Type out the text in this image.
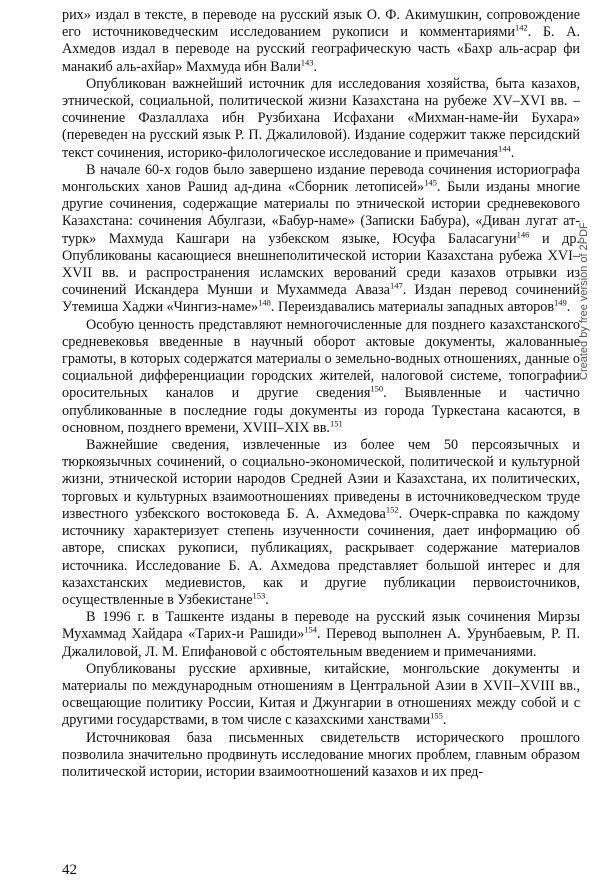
рих» издал в тексте, в переводе на русский язык О. Ф. Акимушкин, сопровождение его источниковедческим исследованием рукописи и комментариями$^{142}$. Б. А. Ахмедов издал в переводе на русский географическую часть «Бахр аль-асрар фи манакиб аль-ахйар» Махмуда ибн Вали$^{143}$.

Опубликован важнейший источник для исследования хозяйства, быта казахов, этнической, социальной, политической жизни Казахстана на рубеже XV–XVI вв. – сочинение Фазлаллаха ибн Рузбихана Исфахани «Михман-наме-йи Бухара» (переведен на русский язык Р. П. Джалиловой). Издание содержит также персидский текст сочинения, историко-филологическое исследование и примечания$^{144}$.

В начале 60-х годов было завершено издание перевода сочинения историографа монгольских ханов Рашид ад-дина «Сборник летописей»$^{145}$. Были изданы многие другие сочинения, содержащие материалы по этнической истории средневекового Казахстана: сочинения Абулгази, «Бабур-наме» (Записки Бабура), «Диван лугат ат-турк» Махмуда Кашгари на узбекском языке, Юсуфа Баласагуни$^{146}$ и др. Опубликованы касающиеся внешнеполитической истории Казахстана рубежа XVI–XVII вв. и распространения исламских верований среди казахов отрывки из сочинений Искандера Мунши и Мухаммеда Аваза$^{147}$. Издан перевод сочинений Утемиша Хаджи «Чингиз-наме»$^{148}$. Переиздавались материалы западных авторов$^{149}$.

Особую ценность представляют немногочисленные для позднего казахстанского средневековья введенные в научный оборот актовые документы, жалованные грамоты, в которых содержатся материалы о земельно-водных отношениях, данные о социальной дифференциации городских жителей, налоговой системе, топографии оросительных каналов и другие сведения$^{150}$. Выявленные и частично опубликованные в последние годы документы из города Туркестана касаются, в основном, позднего времени, XVIII–XIX вв.$^{151}$

Важнейшие сведения, извлеченные из более чем 50 персоязычных и тюркоязычных сочинений, о социально-экономической, политической и культурной жизни, этнической истории народов Средней Азии и Казахстана, их политических, торговых и культурных взаимоотношениях приведены в источниковедческом труде известного узбекского востоковеда Б. А. Ахмедова$^{152}$. Очерк-справка по каждому источнику характеризует степень изученности сочинения, дает информацию об авторе, списках рукописи, публикациях, раскрывает содержание материалов источника. Исследование Б. А. Ахмедова представляет большой интерес и для казахстанских медиевистов, как и другие публикации первоисточников, осуществленные в Узбекистане$^{153}$.

В 1996 г. в Ташкенте изданы в переводе на русский язык сочинения Мирзы Мухаммад Хайдара «Тарих-и Рашиди»$^{154}$. Перевод выполнен А. Урунбаевым, Р. П. Джалиловой, Л. М. Епифановой с обстоятельным введением и примечаниями.

Опубликованы русские архивные, китайские, монгольские документы и материалы по международным отношениям в Центральной Азии в XVII–XVIII вв., освещающие политику России, Китая и Джунгарии в отношениях между собой и с другими государствами, в том числе с казахскими ханствами$^{155}$.

Источниковая база письменных свидетельств исторического прошлого позволила значительно продвинуть исследование многих проблем, главным образом политической истории, истории взаимоотношений казахов и их пред-

Created by free version of 2PDF
42
